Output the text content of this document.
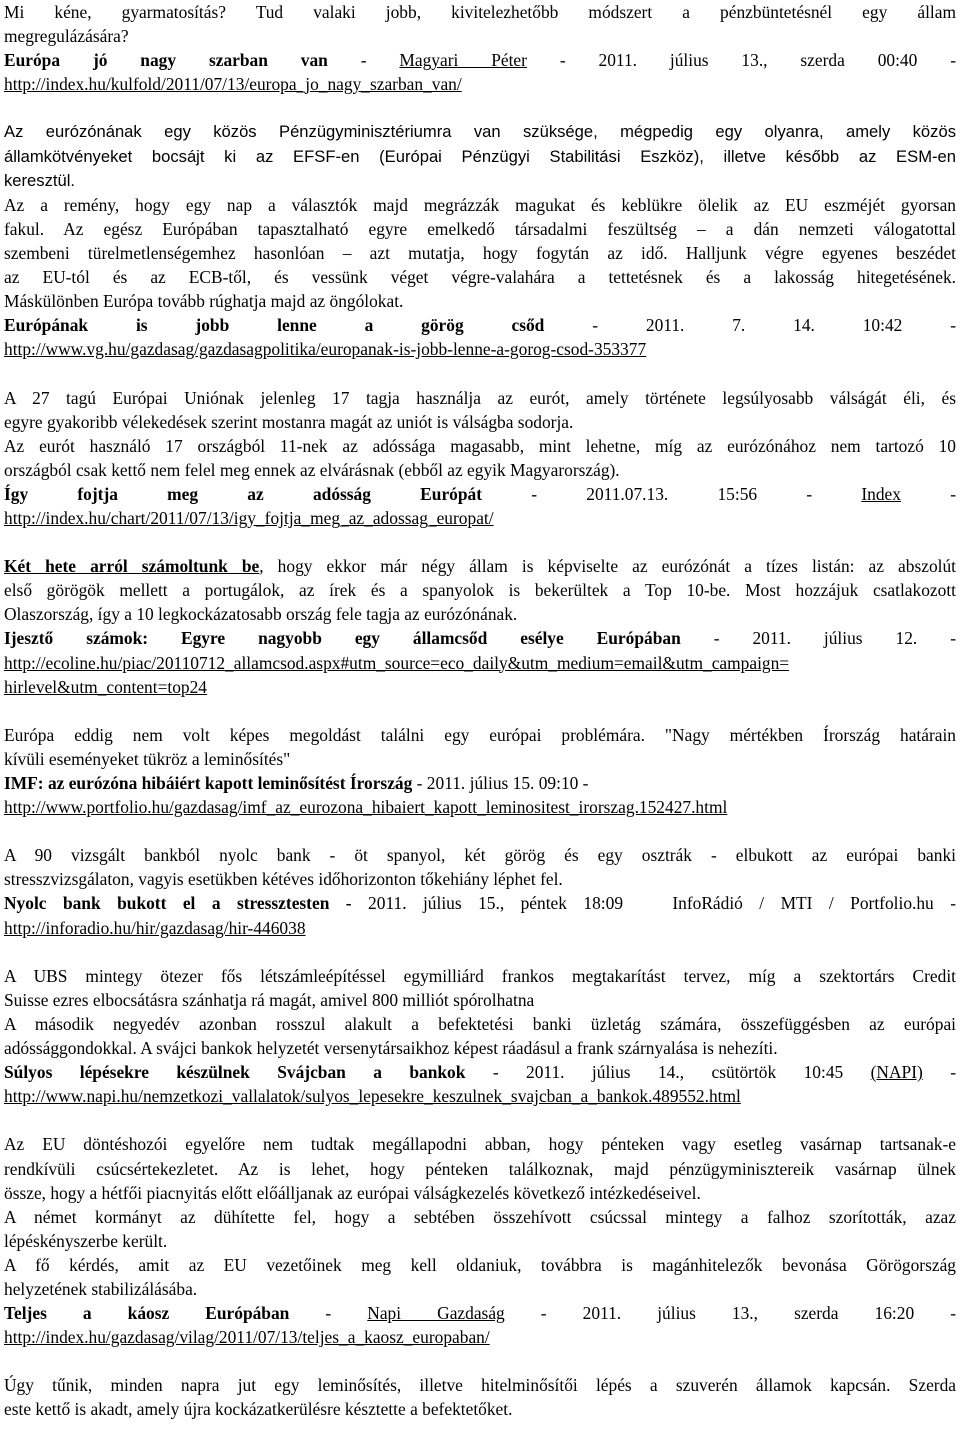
Mi kéne, gyarmatosítás? Tud valaki jobb, kivitelezhetőbb módszert a pénzbüntetésnél egy állam
megregulázására?
Európa jó nagy szarban van - Magyari Péter - 2011. július 13., szerda 00:40 -
http://index.hu/kulfold/2011/07/13/europa_jo_nagy_szarban_van/
Az eurózónának egy közös Pénzügyminisztériumra van szüksége, mégpedig egy olyanra, amely közös
államkötvényeket bocsájt ki az EFSF-en (Európai Pénzügyi Stabilitási Eszköz), illetve később az ESM-en
keresztül.
Az a remény, hogy egy nap a választók majd megrázzák magukat és keblükre ölelik az EU eszméjét gyorsan
fakul. Az egész Európában tapasztalható egyre emelkedő társadalmi feszültség – a dán nemzeti válogatottal
szembeni türelmetlenségemhez hasonlóan – azt mutatja, hogy fogytán az idő. Halljunk végre egyenes beszédet
az EU-tól és az ECB-től, és vessünk véget végre-valahára a tettetésnek és a lakosság hitegetésének.
Máskülönben Európa tovább rúghatja majd az öngólokat.
Európának is jobb lenne a görög csőd - 2011. 7. 14. 10:42 -
http://www.vg.hu/gazdasag/gazdasagpolitika/europanak-is-jobb-lenne-a-gorog-csod-353377
A 27 tagú Európai Uniónak jelenleg 17 tagja használja az eurót, amely története legsúlyosabb válságát éli, és
egyre gyakoribb vélekedések szerint mostanra magát az uniót is válságba sodorja.
Az eurót használó 17 országból 11-nek az adóssága magasabb, mint lehetne, míg az eurózónához nem tartozó 10
országból csak kettő nem felel meg ennek az elvárásnak (ebből az egyik Magyarország).
Így fojtja meg az adósság Európát - 2011.07.13. 15:56 - Index -
http://index.hu/chart/2011/07/13/igy_fojtja_meg_az_adossag_europat/
Két hete arról számoltunk be, hogy ekkor már négy állam is képviselte az eurózónát a tízes listán: az abszolút
első görögök mellett a portugálok, az írek és a spanyolok is bekerültek a Top 10-be. Most hozzájuk csatlakozott
Olaszország, így a 10 legkockázatosabb ország fele tagja az eurózónának.
Ijesztő számok: Egyre nagyobb egy államcsőd esélye Európában - 2011. július 12. -
http://ecoline.hu/piac/20110712_allamcsod.aspx#utm_source=eco_daily&utm_medium=email&utm_campaign=
hirlevel&utm_content=top24
Európa eddig nem volt képes megoldást találni egy európai problémára. "Nagy mértékben Írország határain
kívüli eseményeket tükröz a leminősítés"
IMF: az eurózóna hibáiért kapott leminősítést Írország - 2011. július 15. 09:10 -
http://www.portfolio.hu/gazdasag/imf_az_eurozona_hibaiert_kapott_leminositest_irorszag.152427.html
A 90 vizsgált bankból nyolc bank - öt spanyol, két görög és egy osztrák - elbukott az európai banki
stresszvizsgálaton, vagyis esetükben kétéves időhorizonton tőkehiány léphet fel.
Nyolc bank bukott el a stressztesten - 2011. július 15., péntek 18:09   InfoRádió / MTI / Portfolio.hu -
http://inforadio.hu/hir/gazdasag/hir-446038
A UBS mintegy ötezer fős létszámleépítéssel egymilliárd frankos megtakarítást tervez, míg a szektortárs Credit
Suisse ezres elbocsátásra szánhatja rá magát, amivel 800 milliót spórolhatna
A második negyedév azonban rosszul alakult a befektetési banki üzletág számára, összefüggésben az európai
adóssággondokkal. A svájci bankok helyzetét versenytársaikhoz képest ráadásul a frank szárnyalása is nehezíti.
Súlyos lépésekre készülnek Svájcban a bankok - 2011. július 14., csütörtök 10:45 (NAPI) -
http://www.napi.hu/nemzetkozi_vallalatok/sulyos_lepesekre_keszulnek_svajcban_a_bankok.489552.html
Az EU döntéshozói egyelőre nem tudtak megállapodni abban, hogy pénteken vagy esetleg vasárnap tartsanak-e
rendkívüli csúcsértekezletet. Az is lehet, hogy pénteken találkoznak, majd pénzügyminisztereik vasárnap ülnek
össze, hogy a hétfői piacnyitás előtt előálljanak az európai válságkezelés következő intézkedéseivel.
A német kormányt az dühítette fel, hogy a sebtében összehívott csúcssal mintegy a falhoz szorították, azaz
lépéskényszerbe került.
A fő kérdés, amit az EU vezetőinek meg kell oldaniuk, továbbra is magánhitelezők bevonása Görögország
helyzetének stabilizálásába.
Teljes a káosz Európában - Napi Gazdaság - 2011. július 13., szerda 16:20 -
http://index.hu/gazdasag/vilag/2011/07/13/teljes_a_kaosz_europaban/
Úgy tűnik, minden napra jut egy leminősítés, illetve hitelminősítői lépés a szuverén államok kapcsán. Szerda
este kettő is akadt, amely újra kockázatkerülésre késztette a befektetőket.
